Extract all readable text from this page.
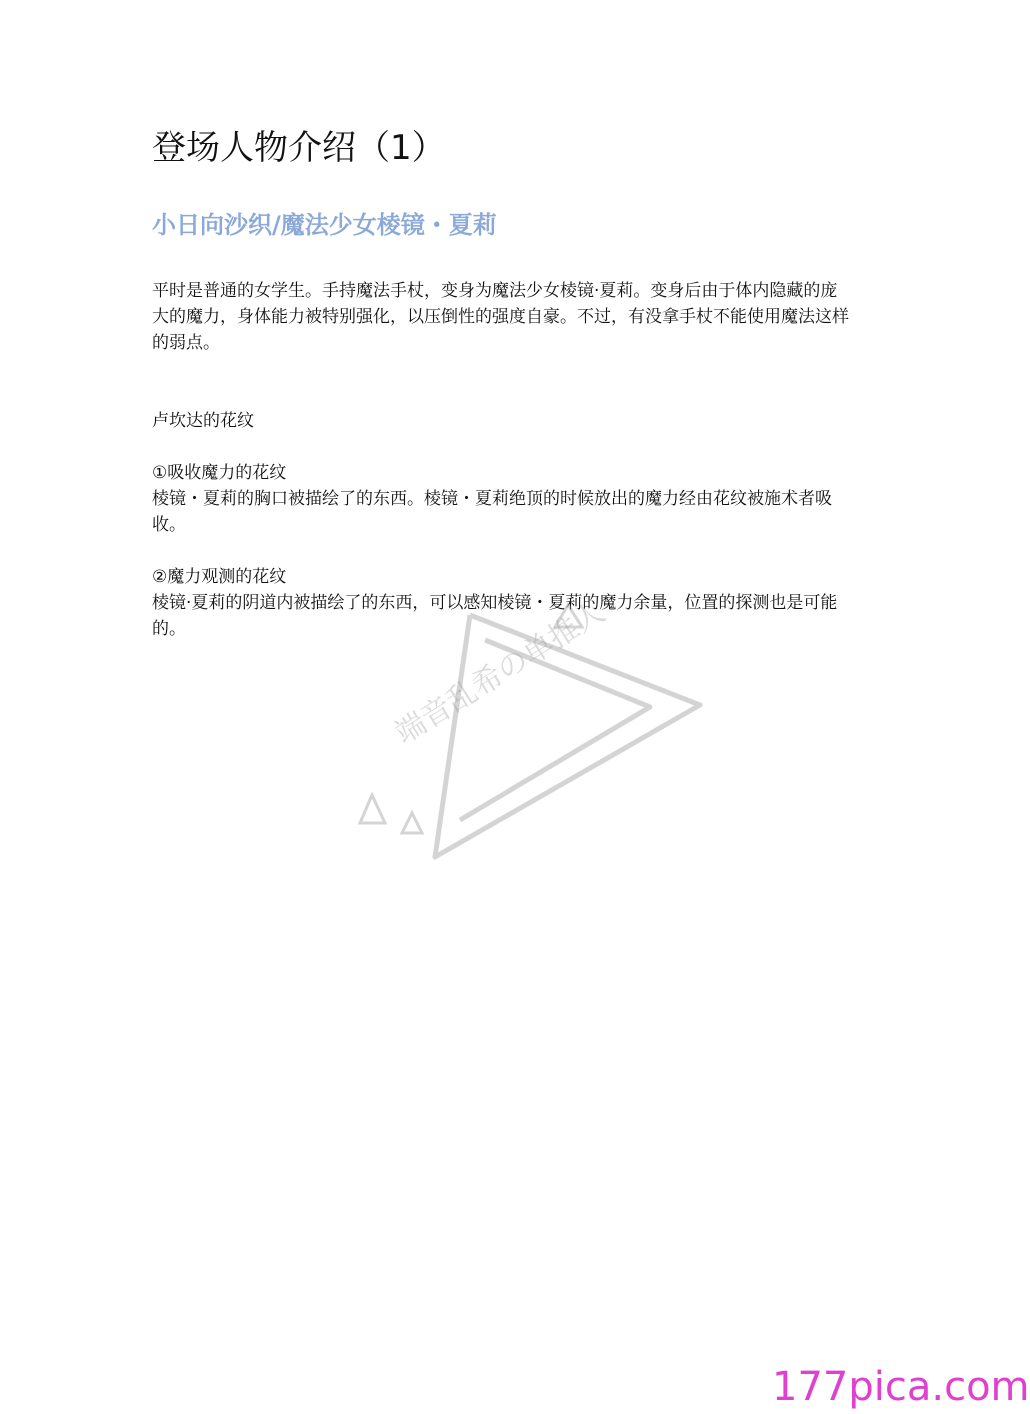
登场人物介绍（1）
小日向沙织/魔法少女棱镜・夏莉

平时是普通的女学生。手持魔法手杖，变身为魔法少女棱镜·夏莉。变身后由于体内隐藏的庞大的魔力，身体能力被特别强化，以压倒性的强度自豪。不过，有没拿手杖不能使用魔法这样的弱点。

卢坎达的花纹

①吸收魔力的花纹

棱镜・夏莉的胸口被描绘了的东西。棱镜・夏莉绝顶的时候放出的魔力经由花纹被施术者吸收。

②魔力观测的花纹

棱镜·夏莉的阴道内被描绘了的东西，可以感知棱镜・夏莉的魔力余量，位置的探测也是可能的。	端音乱希の单推人
177pica.com
